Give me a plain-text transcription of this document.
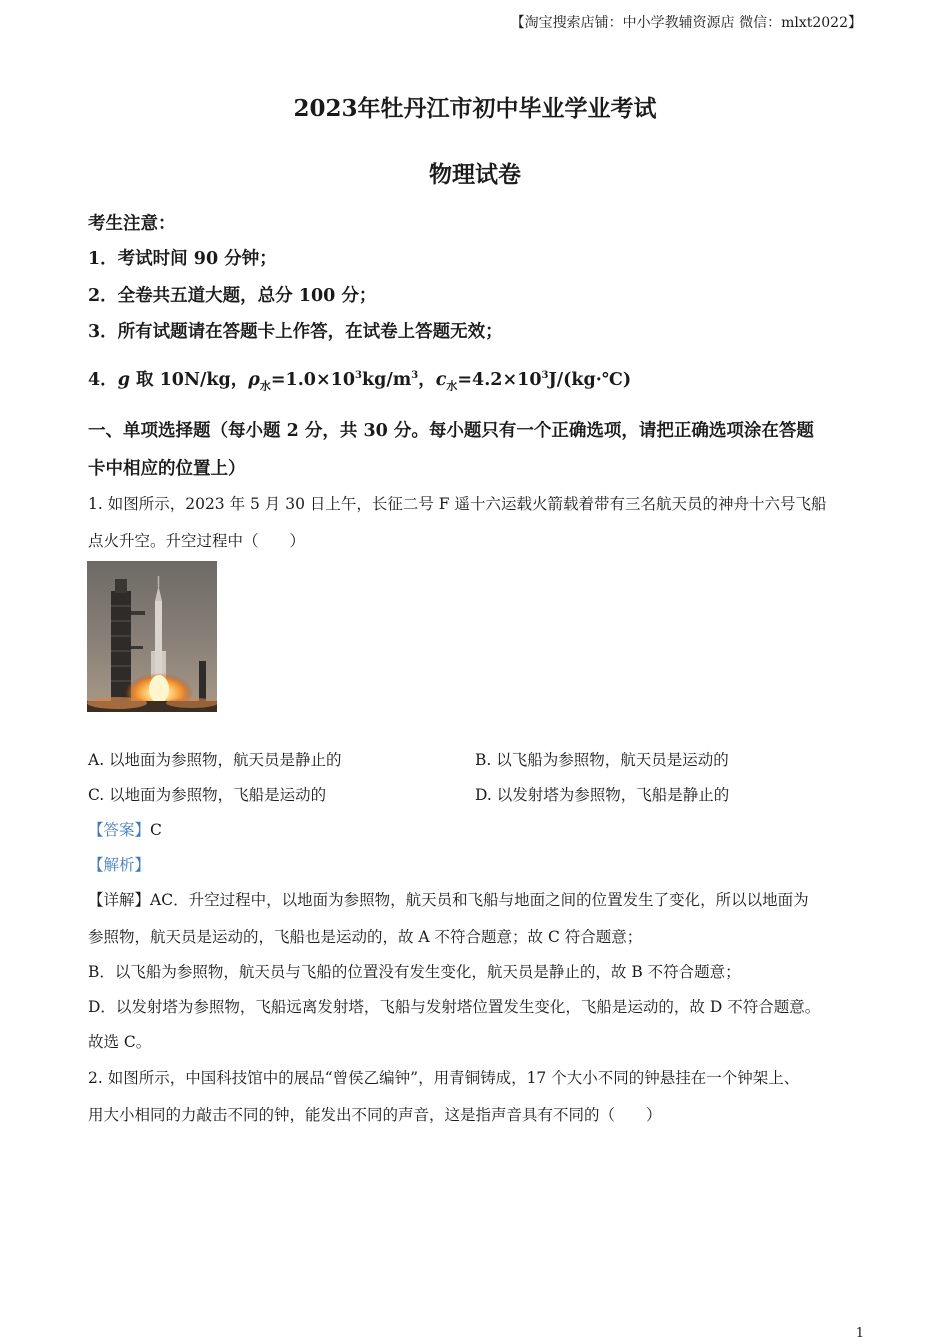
【淘宝搜索店铺：中小学教辅资源店 微信：mlxt2022】
2023年牡丹江市初中毕业学业考试
物理试卷
考生注意：
1．考试时间 90 分钟；
2．全卷共五道大题，总分 100 分；
3．所有试题请在答题卡上作答，在试卷上答题无效；
4．g 取 10N/kg，$\rho_水=1.0\times 10^3kg/m^3$，$c_水=4.2\times 10^3J/(kg\cdot℃)$
一、单项选择题（每小题 2 分，共 30 分。每小题只有一个正确选项，请把正确选项涂在答题
卡中相应的位置上）
1. 如图所示，2023 年 5 月 30 日上午，长征二号 F 遥十六运载火箭载着带有三名航天员的神舟十六号飞船
点火升空。升空过程中（　　）
A. 以地面为参照物，航天员是静止的	B. 以飞船为参照物，航天员是运动的
C. 以地面为参照物，飞船是运动的	D. 以发射塔为参照物，飞船是静止的
【答案】C
【解析】
【详解】AC．升空过程中，以地面为参照物，航天员和飞船与地面之间的位置发生了变化，所以以地面为
参照物，航天员是运动的，飞船也是运动的，故 A 不符合题意；故 C 符合题意；
B．以飞船为参照物，航天员与飞船的位置没有发生变化，航天员是静止的，故 B 不符合题意；
D．以发射塔为参照物，飞船远离发射塔，飞船与发射塔位置发生变化，飞船是运动的，故 D 不符合题意。
故选 C。
2. 如图所示，中国科技馆中的展品“曾侯乙编钟”，用青铜铸成，17 个大小不同的钟悬挂在一个钟架上、
用大小相同的力敲击不同的钟，能发出不同的声音，这是指声音具有不同的（　　）
1
